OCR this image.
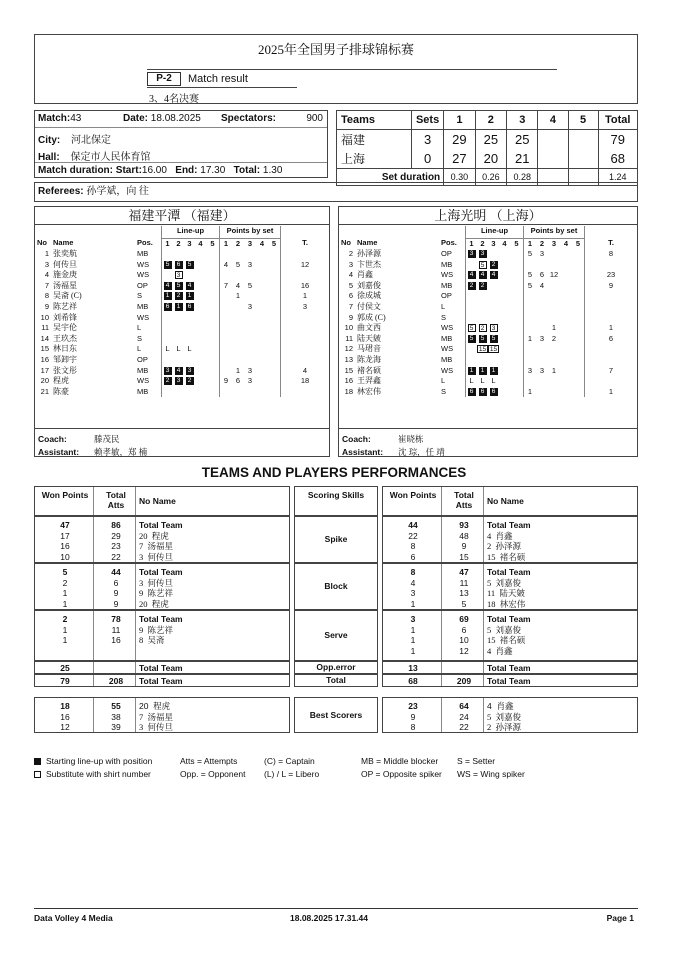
2025年全国男子排球锦标赛
P-2	Match result
3、4名决赛
Match:43	Date: 18.08.2025 Spectators:	900
City: 河北保定
Hall: 保定市人民体育馆
Match duration: Start:16.00 End: 17.30 Total: 1.30
Teams	Sets	1	2	3	4	5	Total
福建	3	29	25	25			79
上海	0	27	20	21			68
Set duration		0.30	0.26	0.28			1.24
Referees: 孙学斌，向 往
福建平潭 （福建）
			Line-up					Points by set					
No	Name	Pos.	1	2	3	4	5	1	2	3	4	5	T.
1	张奕航	MB											
3	何传旦	WS	5	6	5			4	5	3			12
4	施金庚	WS		3									
7	汤福星	OP	4	5	4			7	4	5			16
8	吴斋 (C)	S	1	2	1				1				1
9	陈艺祥	MB	6	1	6					3			3
10	刘希锋	WS											
11	吴宇伦	L											
14	王玖杰	S											
15	林日东	L	L	L	L								
16	邹卸宇	OP											
17	张文彤	MB	3	4	3				1	3			4
20	程虎	WS	2	3	2			9	6	3			18
21	陈豪	MB											
Coach:	滕茂民
Assistant: 赖孝敏，郑 楠
上海光明 （上海）
			Line-up					Points by set					
No	Name	Pos.	1	2	3	4	5	1	2	3	4	5	T.
2	孙泽源	OP	3	3				5	3				8
3	卞世杰	MB		5	2								
4	肖鑫	WS	4	4	4			5	6	12			23
5	刘嘉俊	MB	2	2				5	4				9
6	徐成城	OP											
7	付侯文	L											
9	郭成 (C)	S											
10	曲文西	WS	5	2	3					1			1
11	陆天皴	MB	5	5	5			1	3	2			6
12	马珺音	WS		15	15								
13	陈龙海	MB											
15	褚名硕	WS	1	1	1			3	3	1			7
16	王羿鑫	L	L	L	L								
18	林宏伟	S	6	6	6			1					1
Coach:	崔晓栋
Assistant: 沈 琮，任 靖
TEAMS AND PLAYERS PERFORMANCES
Won Points	Total Atts	No Name
Won Points	Total Atts	No Name
Scoring Skills
47	86	Total Team
17	29	20  程虎
16	23	7  汤福星
10	22	3  何传旦
44	93	Total Team
22	48	4  肖鑫
8	9	2  孙泽源
6	15	15  褚名硕
Spike
5	44	Total Team
2	6	3  何传旦
1	9	9  陈艺祥
1	9	20  程虎
8	47	Total Team
4	11	5  刘嘉俊
3	13	11  陆天皴
1	5	18  林宏伟
Block
2	78	Total Team
1	11	9  陈艺祥
1	16	8  吴斋
3	69	Total Team
1	6	5  刘嘉俊
1	10	15  褚名硕
1	12	4  肖鑫
Serve
25	Total Team	13	Total Team
Opp.error
79	208	Total Team	68	209	Total Team
Total
18	55	20  程虎
16	38	7  汤福星
12	39	3  何传旦
23	64	4  肖鑫
9	24	5  刘嘉俊
8	22	2  孙泽源
Best Scorers
Starting line-up with position
Substitute with shirt number
Atts = Attempts
Opp. = Opponent
(C) = Captain
(L) / L = Libero
MB = Middle blocker
OP = Opposite spiker
S = Setter
WS = Wing spiker
Data Volley 4 Media	18.08.2025 17.31.44	Page 1
